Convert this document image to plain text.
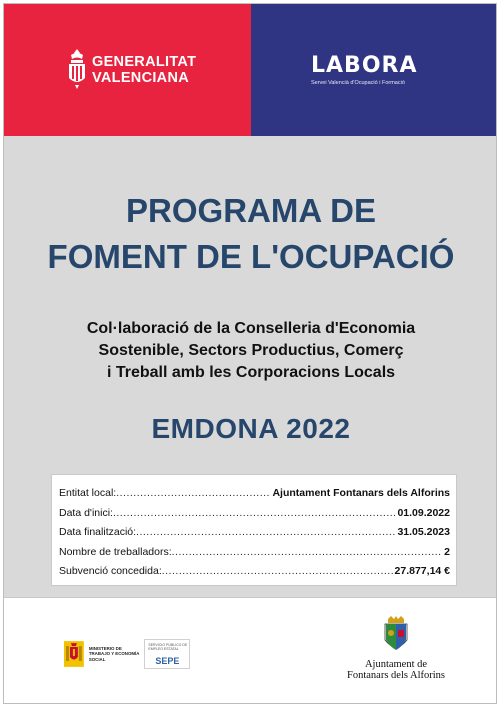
GENERALITAT
VALENCIANA	LABORA
Servei Valencià d'Ocupació i Formació
PROGRAMA DE
FOMENT DE L'OCUPACIÓ
Col·laboració de la Conselleria d'Economia
Sostenible, Sectors Productius, Comerç
i Treball amb les Corporacions Locals
EMDONA 2022
Entitat local: .....	Ajuntament Fontanars dels Alforins
Data d'inici: .....	01.09.2022
Data finalització: .....	31.05.2023
Nombre de treballadors: .....	2
Subvenció concedida: .....	27.877,14 €
MINISTERIO DE TRABAJO Y ECONOMÍA SOCIAL
SERVICIO PÚBLICO DE EMPLEO ESTATAL
SEPE	Ajuntament de
Fontanars dels Alforins
